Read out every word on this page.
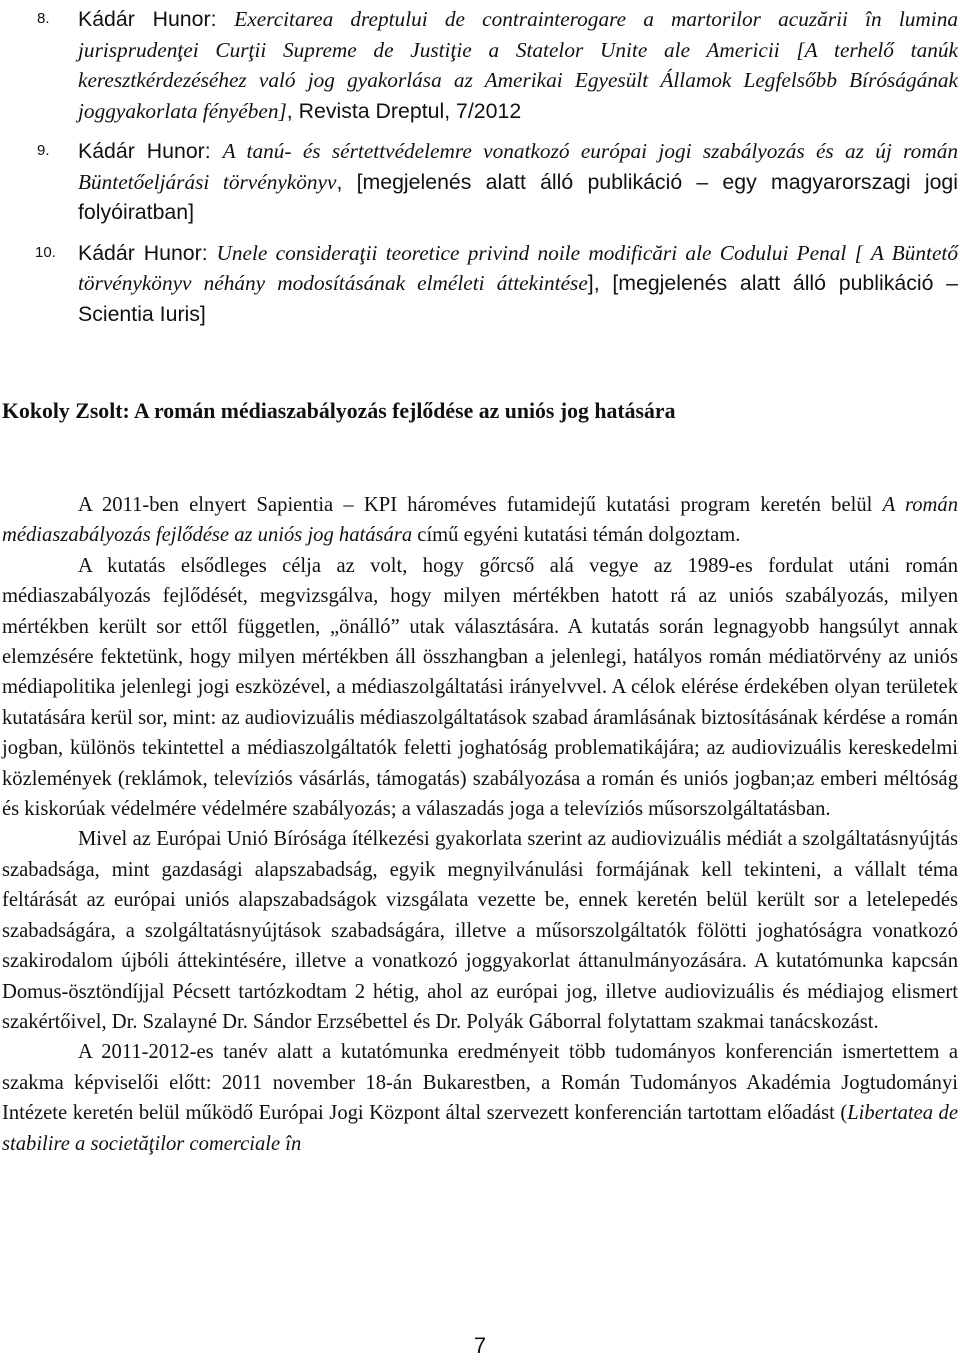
8. Kádár Hunor: Exercitarea dreptului de contrainterogare a martorilor acuzării în lumina jurisprudenţei Curţii Supreme de Justiţie a Statelor Unite ale Americii [A terhelő tanúk keresztkérdezéséhez való jog gyakorlása az Amerikai Egyesült Államok Legfelsőbb Bíróságának joggyakorlata fényében], Revista Dreptul, 7/2012
9. Kádár Hunor: A tanú- és sértettvédelemre vonatkozó európai jogi szabályozás és az új román Büntetőeljárási törvénykönyv, [megjelenés alatt álló publikáció – egy magyarorszagi jogi folyóiratban]
10. Kádár Hunor: Unele consideraţii teoretice privind noile modificări ale Codului Penal [ A Büntető törvénykönyv néhány modosításának elméleti áttekintése], [megjelenés alatt álló publikáció – Scientia Iuris]
Kokoly Zsolt: A román médiaszabályozás fejlődése az uniós jog hatására

A 2011-ben elnyert Sapientia – KPI hároméves futamidejű kutatási program keretén belül A román médiaszabályozás fejlődése az uniós jog hatására című egyéni kutatási témán dolgoztam.

A kutatás elsődleges célja az volt, hogy gőrcső alá vegye az 1989-es fordulat utáni román médiaszabályozás fejlődését, megvizsgálva, hogy milyen mértékben hatott rá az uniós szabályozás, milyen mértékben került sor ettől független, „önálló” utak választására. A kutatás során legnagyobb hangsúlyt annak elemzésére fektetünk, hogy milyen mértékben áll összhangban a jelenlegi, hatályos román médiatörvény az uniós médiapolitika jelenlegi jogi eszközével, a médiaszolgáltatási irányelvvel. A célok elérése érdekében olyan területek kutatására kerül sor, mint: az audiovizuális médiaszolgáltatások szabad áramlásának biztosításának kérdése a román jogban, különös tekintettel a médiaszolgáltatók feletti joghatóság problematikájára; az audiovizuális kereskedelmi közlemények (reklámok, televíziós vásárlás, támogatás) szabályozása a román és uniós jogban;az emberi méltóság és kiskorúak védelmére védelmére szabályozás; a válaszadás joga a televíziós műsorszolgáltatásban.

Mivel az Európai Unió Bírósága ítélkezési gyakorlata szerint az audiovizuális médiát a szolgáltatásnyújtás szabadsága, mint gazdasági alapszabadság, egyik megnyilvánulási formájának kell tekinteni, a vállalt téma feltárását az európai uniós alapszabadságok vizsgálata vezette be, ennek keretén belül került sor a letelepedés szabadságára, a szolgáltatásnyújtások szabadságára, illetve a műsorszolgáltatók fölötti joghatóságra vonatkozó szakirodalom újbóli áttekintésére, illetve a vonatkozó joggyakorlat áttanulmányozására. A kutatómunka kapcsán Domus-ösztöndíjjal Pécsett tartózkodtam 2 hétig, ahol az európai jog, illetve audiovizuális és médiajog elismert szakértőivel, Dr. Szalayné Dr. Sándor Erzsébettel és Dr. Polyák Gáborral folytattam szakmai tanácskozást.

A 2011-2012-es tanév alatt a kutatómunka eredményeit több tudományos konferencián ismertettem a szakma képviselői előtt: 2011 november 18-án Bukarestben, a Román Tudományos Akadémia Jogtudományi Intézete keretén belül működő Európai Jogi Központ által szervezett konferencián tartottam előadást (Libertatea de stabilire a societăţilor comerciale în

7
